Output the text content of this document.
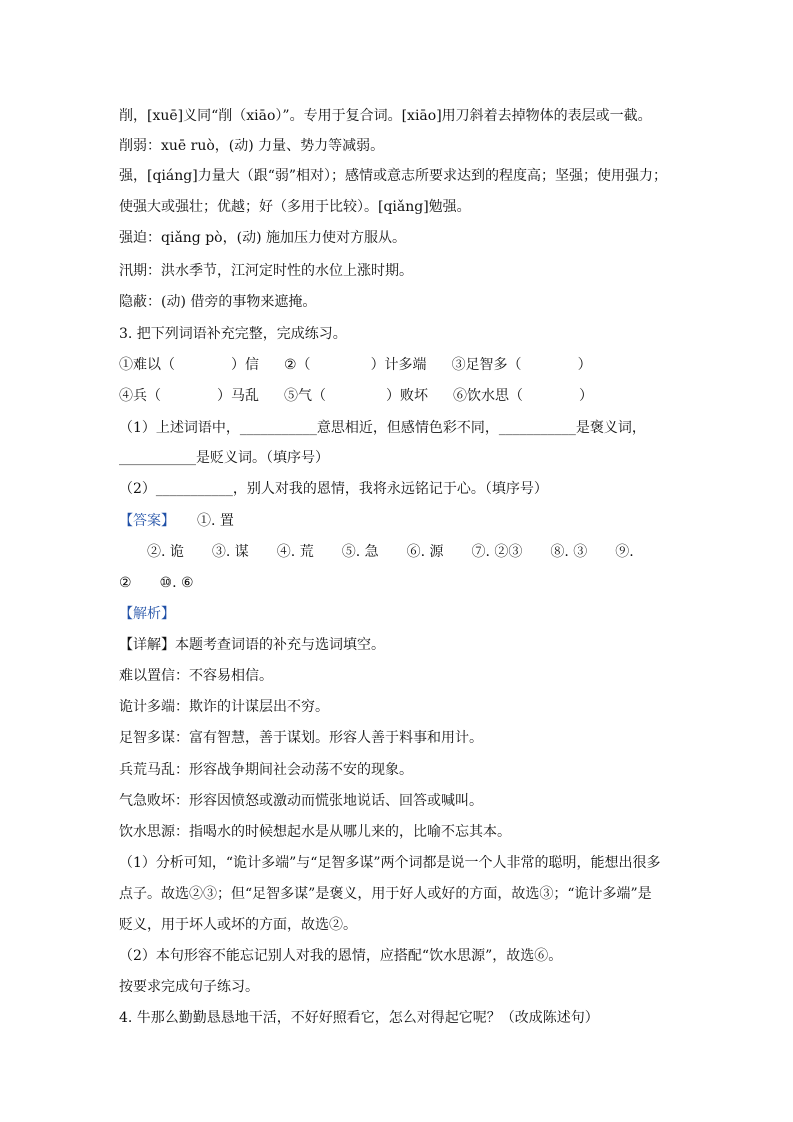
削，[xuē]义同“削（xiāo）”。专用于复合词。[xiāo]用刀斜着去掉物体的表层或一截。
削弱：xuē ruò，(动) 力量、势力等减弱。
强，[qiáng]力量大（跟“弱”相对）；感情或意志所要求达到的程度高；坚强；使用强力；
使强大或强壮；优越；好（多用于比较）。[qiǎng]勉强。
强迫：qiǎng pò，(动) 施加压力使对方服从。
汛期：洪水季节，江河定时性的水位上涨时期。
隐蔽：(动) 借旁的事物来遮掩。
3. 把下列词语补充完整，完成练习。
①难以（	）信 ②（	）计多端 ③足智多（	）
④兵（	）马乱 ⑤气（	）败坏 ⑥饮水思（	）
（1）上述词语中，___________意思相近，但感情色彩不同，___________是褒义词，
___________是贬义词。（填序号）
（2）___________，别人对我的恩情，我将永远铭记于心。（填序号）
【答案】 ①. 置
②. 诡　　③. 谋　　④. 荒　　⑤. 急　　⑥. 源　　⑦. ②③　　⑧. ③　　⑨.
②　　⑩. ⑥
【解析】
【详解】本题考查词语的补充与选词填空。
难以置信：不容易相信。
诡计多端：欺诈的计谋层出不穷。
足智多谋：富有智慧，善于谋划。形容人善于料事和用计。
兵荒马乱：形容战争期间社会动荡不安的现象。
气急败坏：形容因愤怒或激动而慌张地说话、回答或喊叫。
饮水思源：指喝水的时候想起水是从哪儿来的，比喻不忘其本。
（1）分析可知，“诡计多端”与“足智多谋”两个词都是说一个人非常的聪明，能想出很多
点子。故选②③；但“足智多谋”是褒义，用于好人或好的方面，故选③；“诡计多端”是
贬义，用于坏人或坏的方面，故选②。
（2）本句形容不能忘记别人对我的恩情，应搭配“饮水思源”，故选⑥。
按要求完成句子练习。
4. 牛那么勤勤恳恳地干活，不好好照看它，怎么对得起它呢？（改成陈述句）
